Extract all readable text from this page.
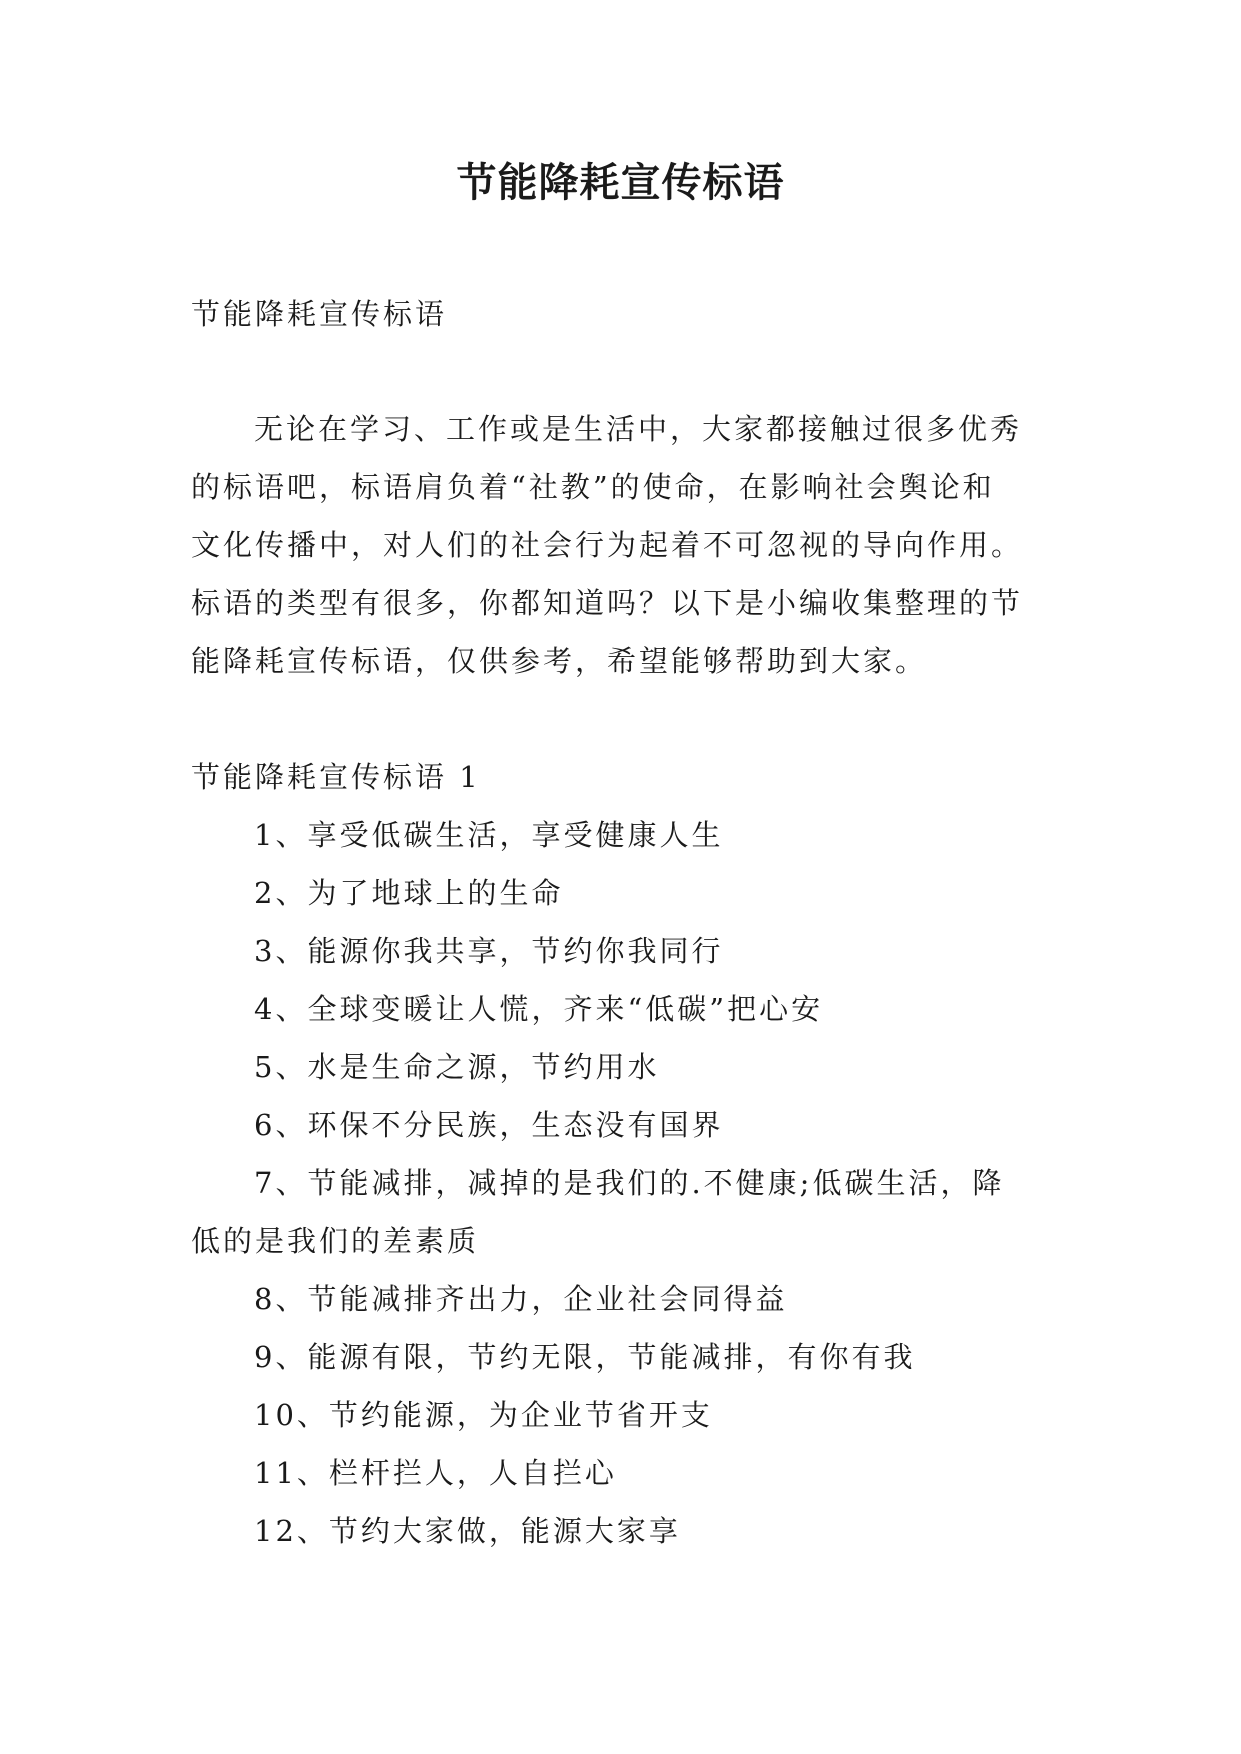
节能降耗宣传标语

节能降耗宣传标语

无论在学习、工作或是生活中，大家都接触过很多优秀

的标语吧，标语肩负着“社教”的使命，在影响社会舆论和

文化传播中，对人们的社会行为起着不可忽视的导向作用。

标语的类型有很多，你都知道吗？以下是小编收集整理的节

能降耗宣传标语，仅供参考，希望能够帮助到大家。

节能降耗宣传标语 1

1、享受低碳生活，享受健康人生

2、为了地球上的生命

3、能源你我共享，节约你我同行

4、全球变暖让人慌，齐来“低碳”把心安

5、水是生命之源，节约用水

6、环保不分民族，生态没有国界

7、节能减排，减掉的是我们的.不健康;低碳生活，降

低的是我们的差素质

8、节能减排齐出力，企业社会同得益

9、能源有限，节约无限，节能减排，有你有我

10、节约能源，为企业节省开支

11、栏杆拦人，人自拦心

12、节约大家做，能源大家享
